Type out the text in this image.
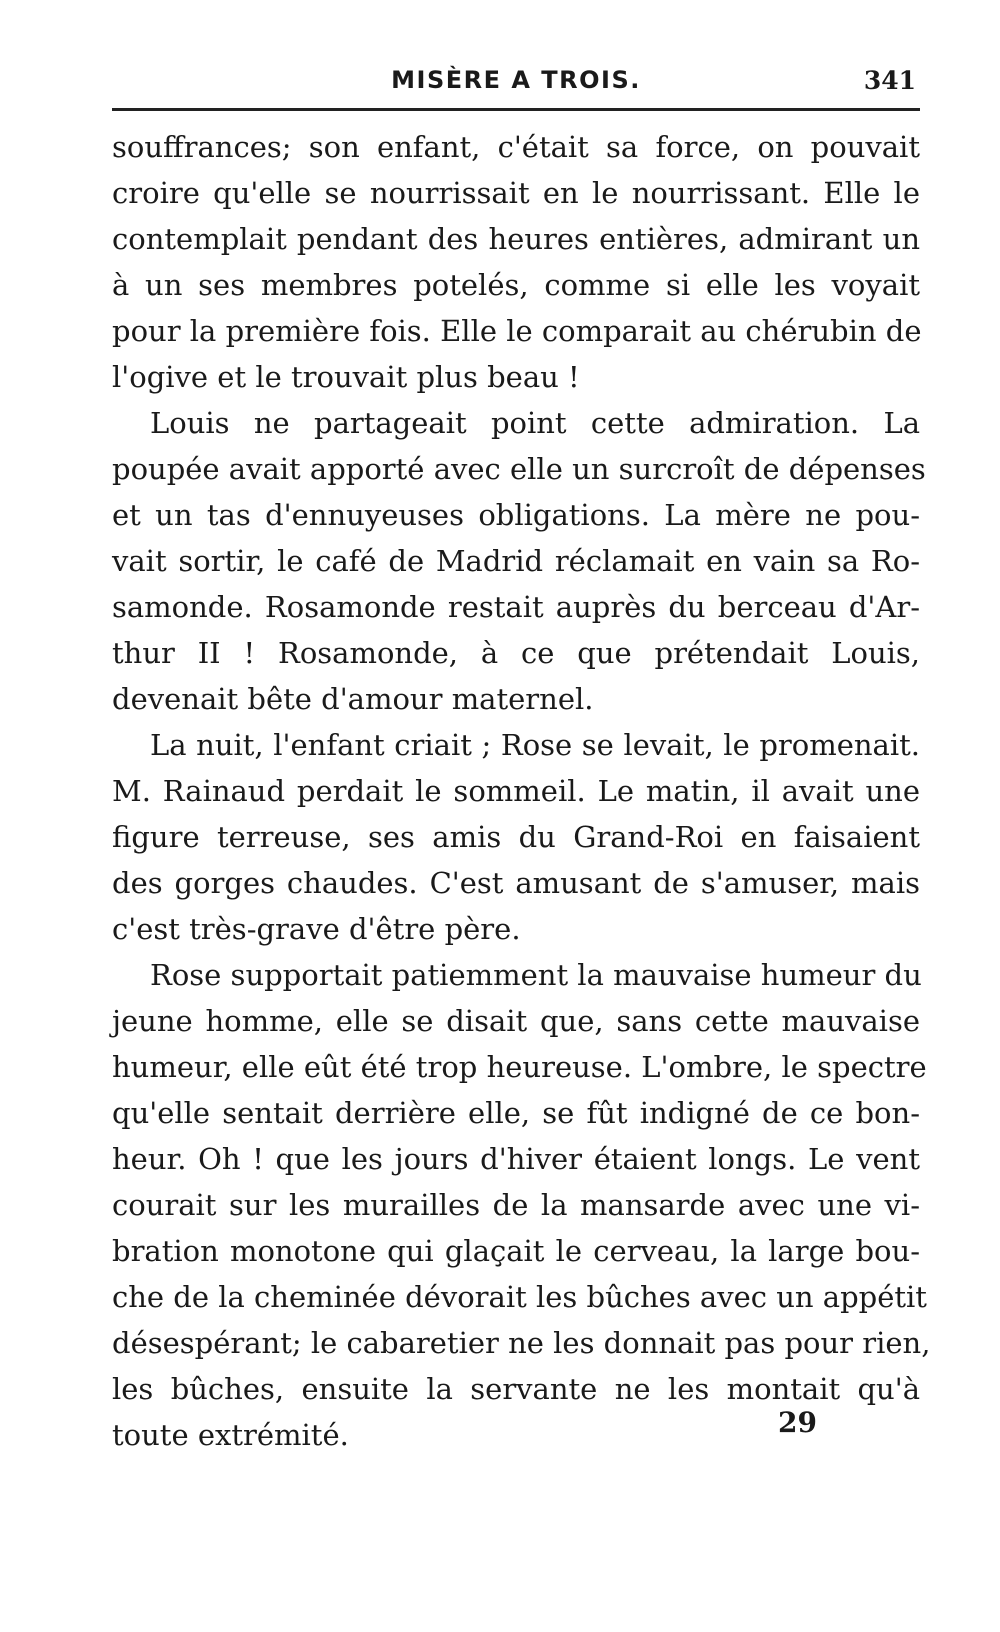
MISÈRE A TROIS.	341
souffrances; son enfant, c'était sa force, on pouvait
croire qu'elle se nourrissait en le nourrissant. Elle le
contemplait pendant des heures entières, admirant un
à un ses membres potelés, comme si elle les voyait
pour la première fois. Elle le comparait au chérubin de
l'ogive et le trouvait plus beau !
Louis ne partageait point cette admiration. La
poupée avait apporté avec elle un surcroît de dépenses
et un tas d'ennuyeuses obligations. La mère ne pou-
vait sortir, le café de Madrid réclamait en vain sa Ro-
samonde. Rosamonde restait auprès du berceau d'Ar-
thur II ! Rosamonde, à ce que prétendait Louis,
devenait bête d'amour maternel.
La nuit, l'enfant criait ; Rose se levait, le promenait.
M. Rainaud perdait le sommeil. Le matin, il avait une
figure terreuse, ses amis du Grand-Roi en faisaient
des gorges chaudes. C'est amusant de s'amuser, mais
c'est très-grave d'être père.
Rose supportait patiemment la mauvaise humeur du
jeune homme, elle se disait que, sans cette mauvaise
humeur, elle eût été trop heureuse. L'ombre, le spectre
qu'elle sentait derrière elle, se fût indigné de ce bon-
heur. Oh ! que les jours d'hiver étaient longs. Le vent
courait sur les murailles de la mansarde avec une vi-
bration monotone qui glaçait le cerveau, la large bou-
che de la cheminée dévorait les bûches avec un appétit
désespérant; le cabaretier ne les donnait pas pour rien,
les bûches, ensuite la servante ne les montait qu'à
toute extrémité.	29
